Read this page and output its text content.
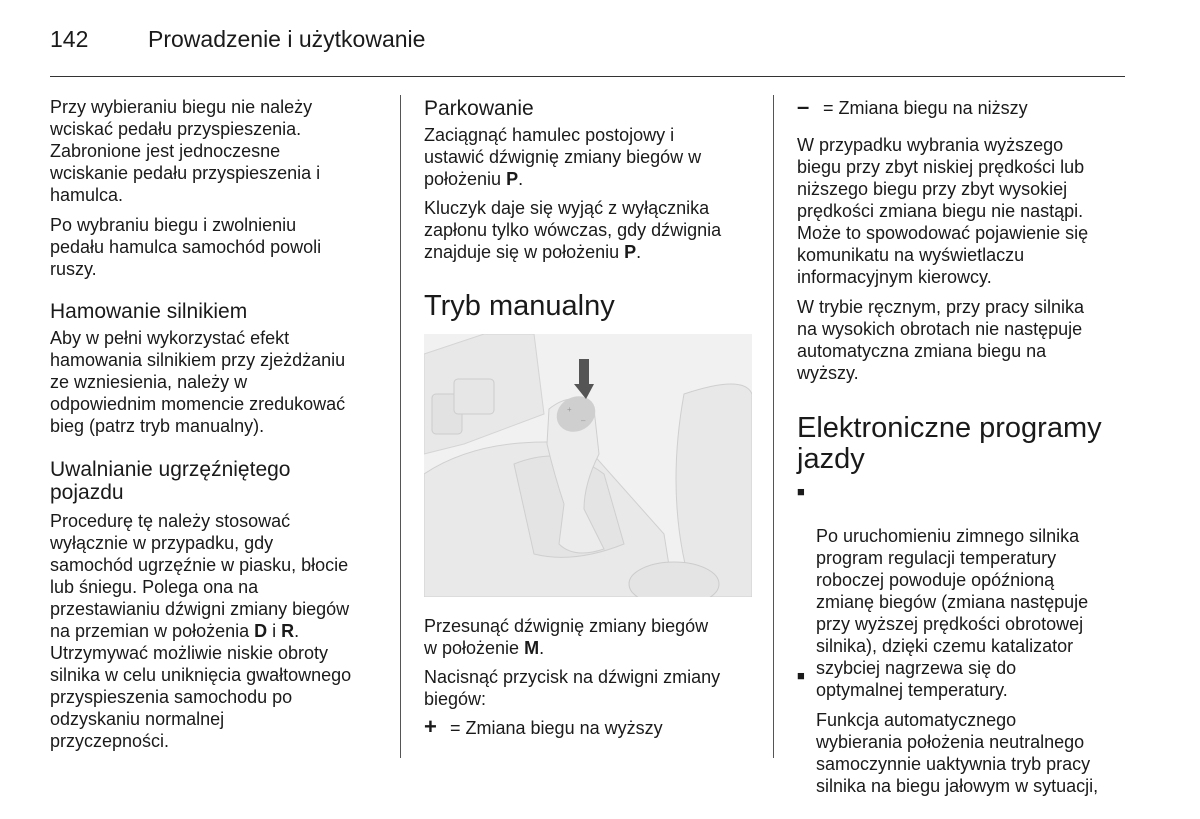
142	Prowadzenie i użytkowanie
Przy wybieraniu biegu nie należy
wciskać pedału przyspieszenia.
Zabronione jest jednoczesne
wciskanie pedału przyspieszenia i
hamulca.
Po wybraniu biegu i zwolnieniu
pedału hamulca samochód powoli
ruszy.
Hamowanie silnikiem
Aby w pełni wykorzystać efekt
hamowania silnikiem przy zjeżdżaniu
ze wzniesienia, należy w
odpowiednim momencie zredukować
bieg (patrz tryb manualny).
Uwalnianie ugrzęźniętego
pojazdu
Procedurę tę należy stosować
wyłącznie w przypadku, gdy
samochód ugrzęźnie w piasku, błocie
lub śniegu. Polega ona na
przestawianiu dźwigni zmiany biegów
na przemian w położenia D i R.
Utrzymywać możliwie niskie obroty
silnika w celu uniknięcia gwałtownego
przyspieszenia samochodu po
odzyskaniu normalnej
przyczepności.
Parkowanie
Zaciągnąć hamulec postojowy i
ustawić dźwignię zmiany biegów w
położeniu P.
Kluczyk daje się wyjąć z wyłącznika
zapłonu tylko wówczas, gdy dźwignia
znajduje się w położeniu P.
Tryb manualny
+
–
Przesunąć dźwignię zmiany biegów
w położenie M.
Nacisnąć przycisk na dźwigni zmiany
biegów:
+ = Zmiana biegu na wyższy
– = Zmiana biegu na niższy
W przypadku wybrania wyższego
biegu przy zbyt niskiej prędkości lub
niższego biegu przy zbyt wysokiej
prędkości zmiana biegu nie nastąpi.
Może to spowodować pojawienie się
komunikatu na wyświetlaczu
informacyjnym kierowcy.
W trybie ręcznym, przy pracy silnika
na wysokich obrotach nie następuje
automatyczna zmiana biegu na
wyższy.
Elektroniczne programy
jazdy

■

Po uruchomieniu zimnego silnika
program regulacji temperatury
roboczej powoduje opóźnioną
zmianę biegów (zmiana następuje
przy wyższej prędkości obrotowej
silnika), dzięki czemu katalizator
szybciej nagrzewa się do
optymalnej temperatury.

■

Funkcja automatycznego
wybierania położenia neutralnego
samoczynnie uaktywnia tryb pracy
silnika na biegu jałowym w sytuacji,
